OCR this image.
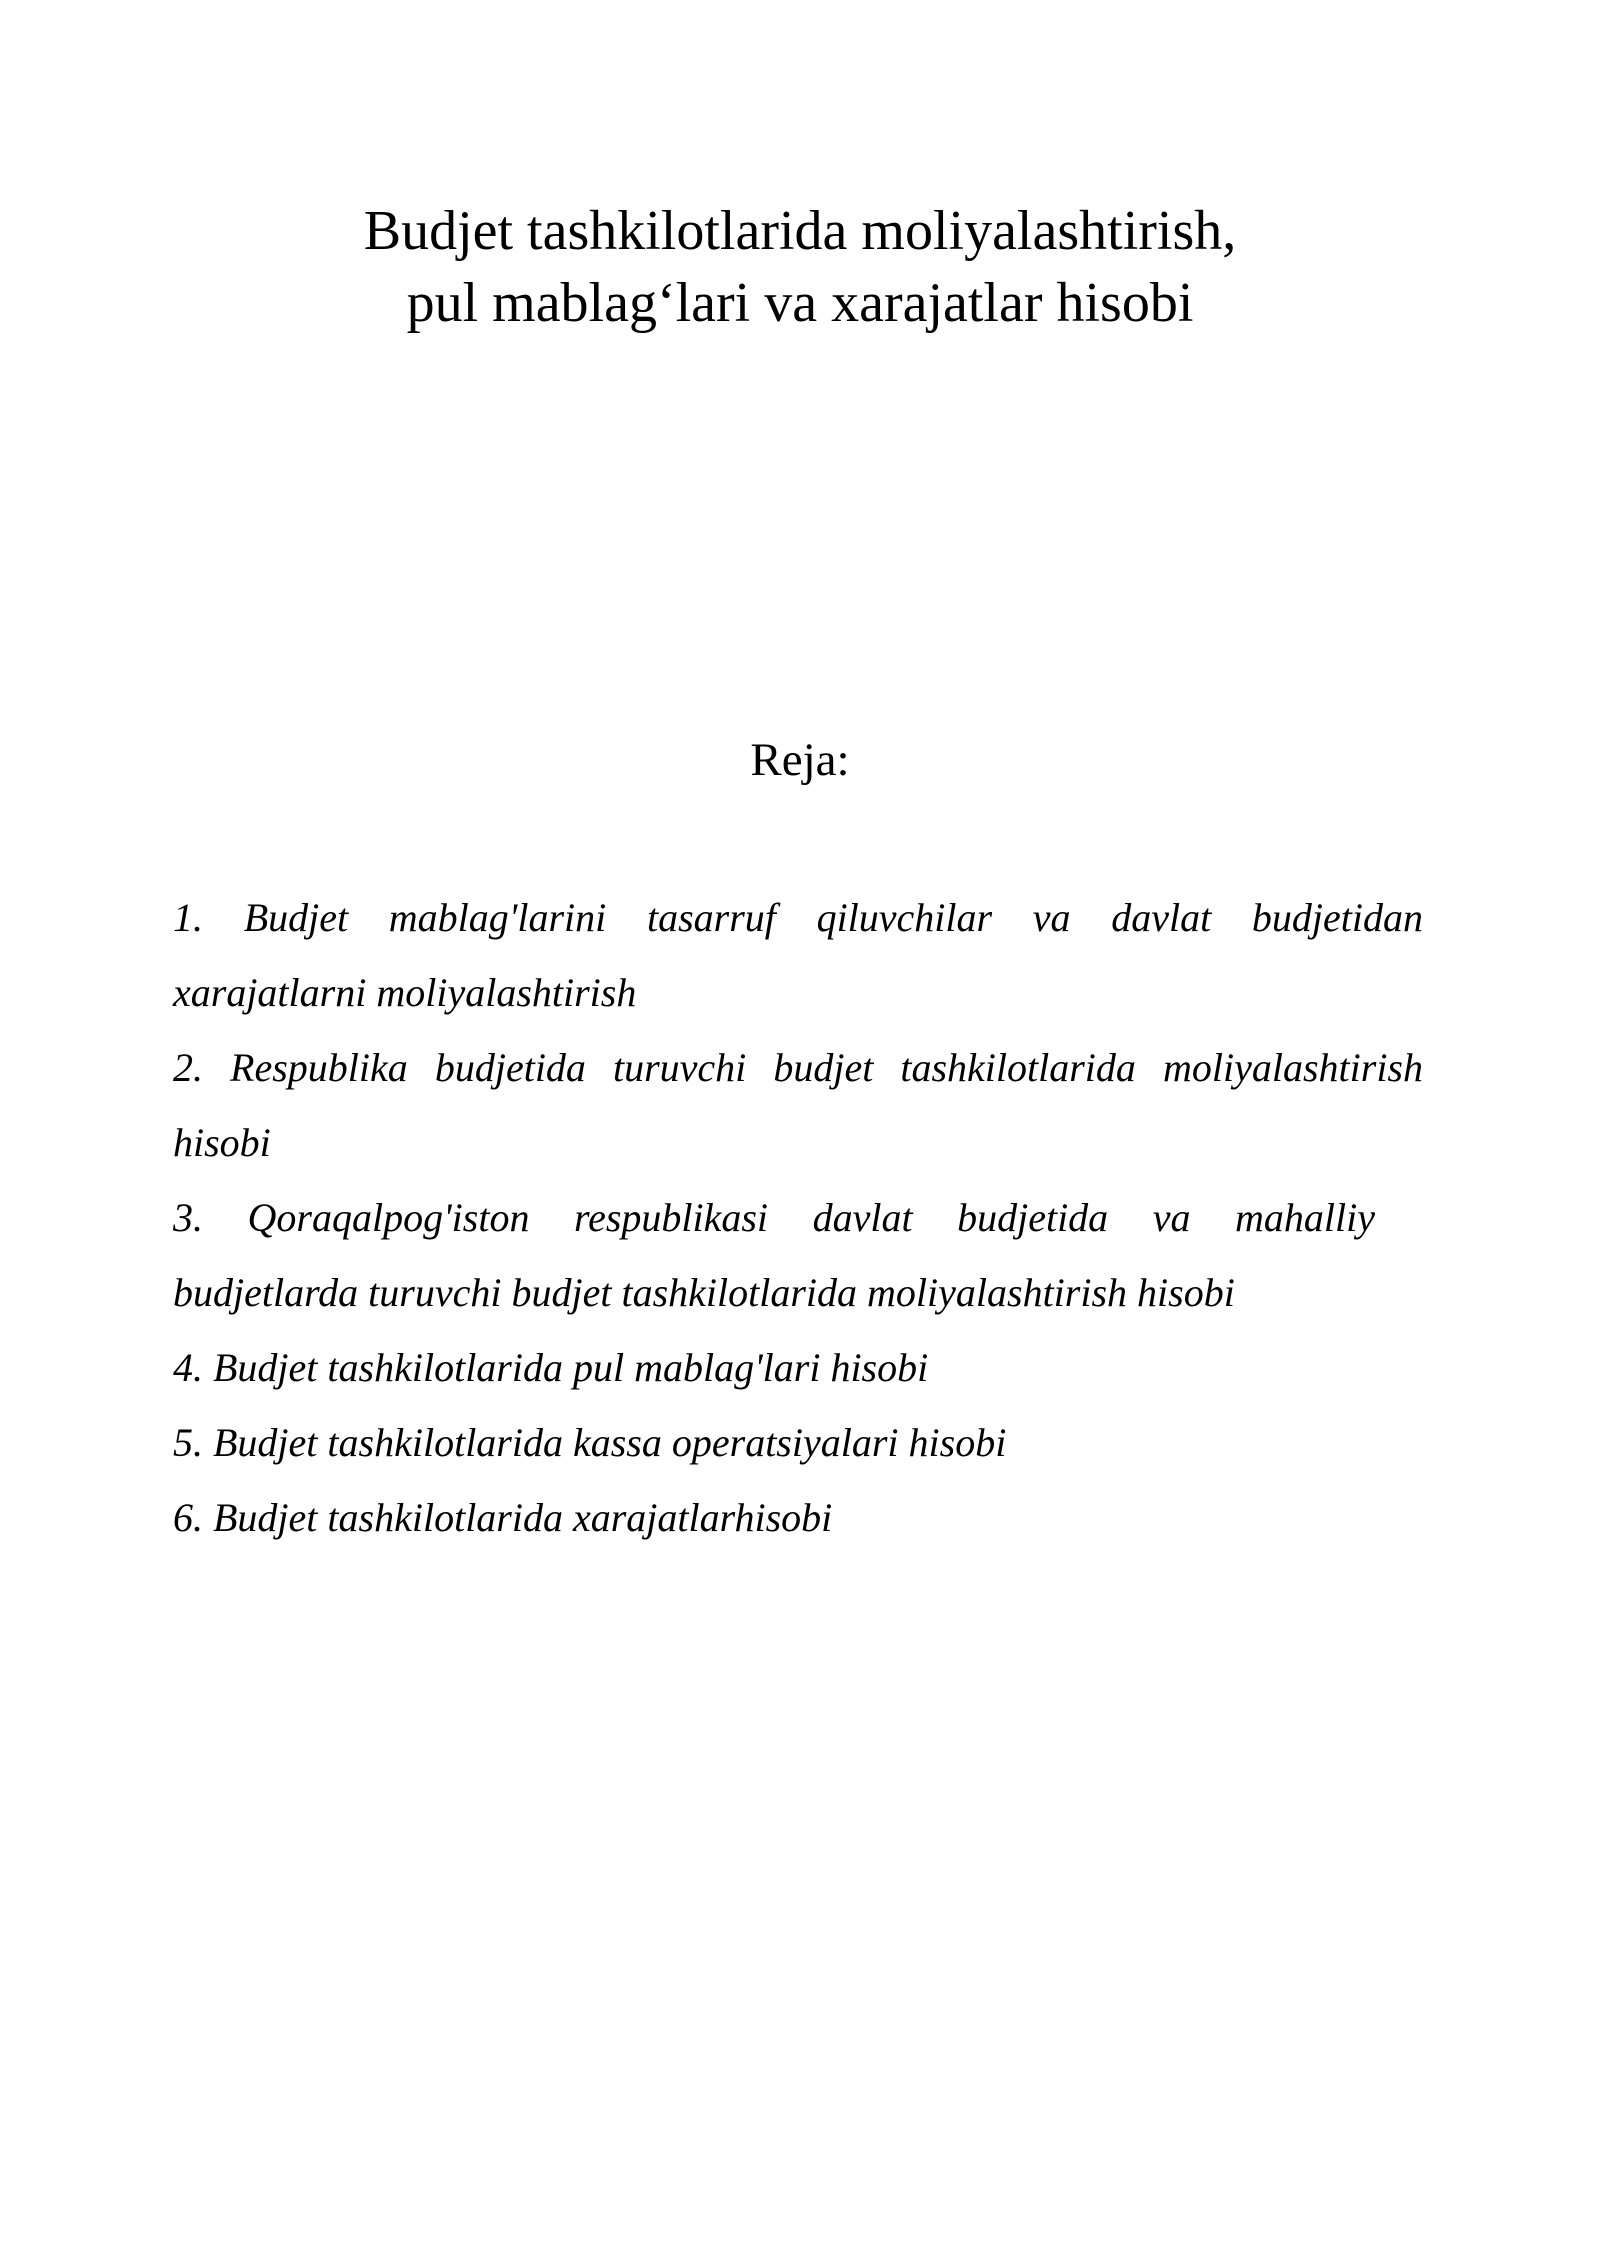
Budjet tashkilotlarida moliyalashtirish,
pul mablag‘lari va xarajatlar hisobi
Reja:
1. Budjet mablag'larini tasarruf qiluvchilar va davlat budjetidan
xarajatlarni moliyalashtirish
2. Respublika budjetida turuvchi budjet tashkilotlarida moliyalashtirish
hisobi
3. Qoraqalpog'iston respublikasi davlat budjetida va mahalliy
budjetlarda turuvchi budjet tashkilotlarida moliyalashtirish hisobi
4. Budjet tashkilotlarida pul mablag'lari hisobi
5. Budjet tashkilotlarida kassa operatsiyalari hisobi
6. Budjet tashkilotlarida xarajatlarhisobi
